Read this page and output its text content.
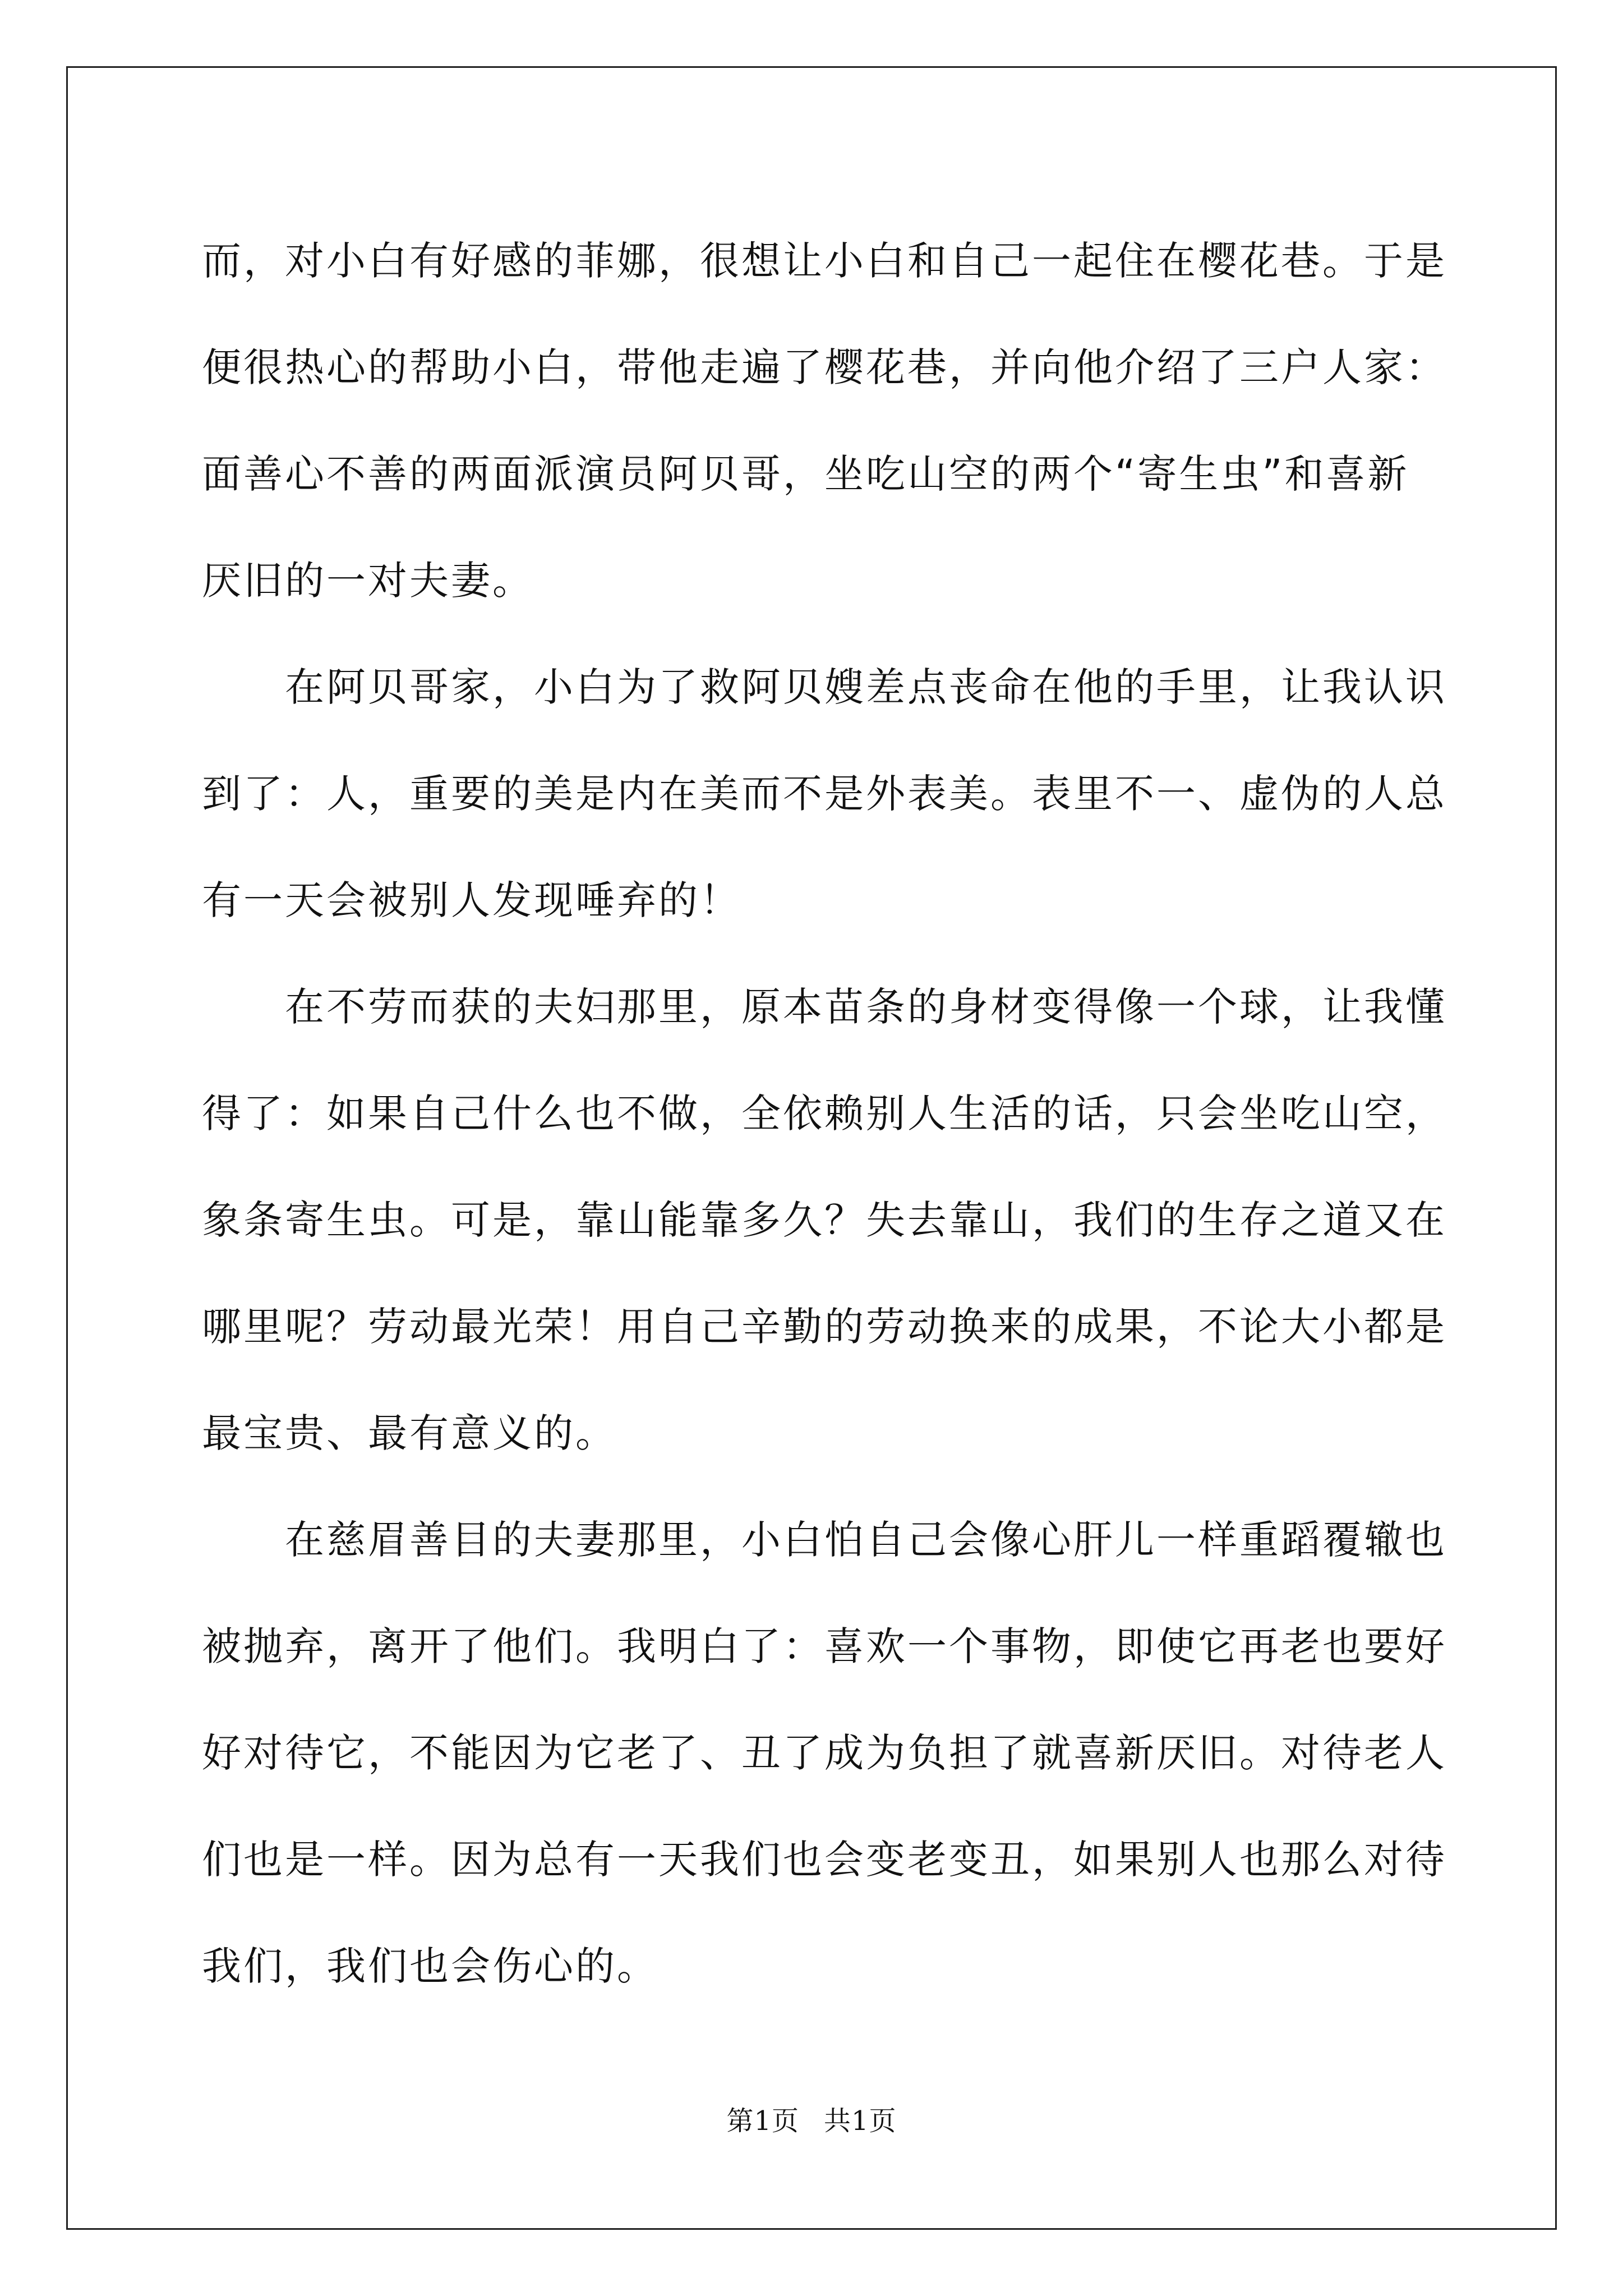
而，对小白有好感的菲娜，很想让小白和自己一起住在樱花巷。于是
便很热心的帮助小白，带他走遍了樱花巷，并向他介绍了三户人家：
面善心不善的两面派演员阿贝哥，坐吃山空的两个“寄生虫”和喜新
厌旧的一对夫妻。
在阿贝哥家，小白为了救阿贝嫂差点丧命在他的手里，让我认识
到了：人，重要的美是内在美而不是外表美。表里不一、虚伪的人总
有一天会被别人发现唾弃的！
在不劳而获的夫妇那里，原本苗条的身材变得像一个球，让我懂
得了：如果自己什么也不做，全依赖别人生活的话，只会坐吃山空，
象条寄生虫。可是，靠山能靠多久？失去靠山，我们的生存之道又在
哪里呢？劳动最光荣！用自己辛勤的劳动换来的成果，不论大小都是
最宝贵、最有意义的。
在慈眉善目的夫妻那里，小白怕自己会像心肝儿一样重蹈覆辙也
被抛弃，离开了他们。我明白了：喜欢一个事物，即使它再老也要好
好对待它，不能因为它老了、丑了成为负担了就喜新厌旧。对待老人
们也是一样。因为总有一天我们也会变老变丑，如果别人也那么对待
我们，我们也会伤心的。
第1页 共1页
